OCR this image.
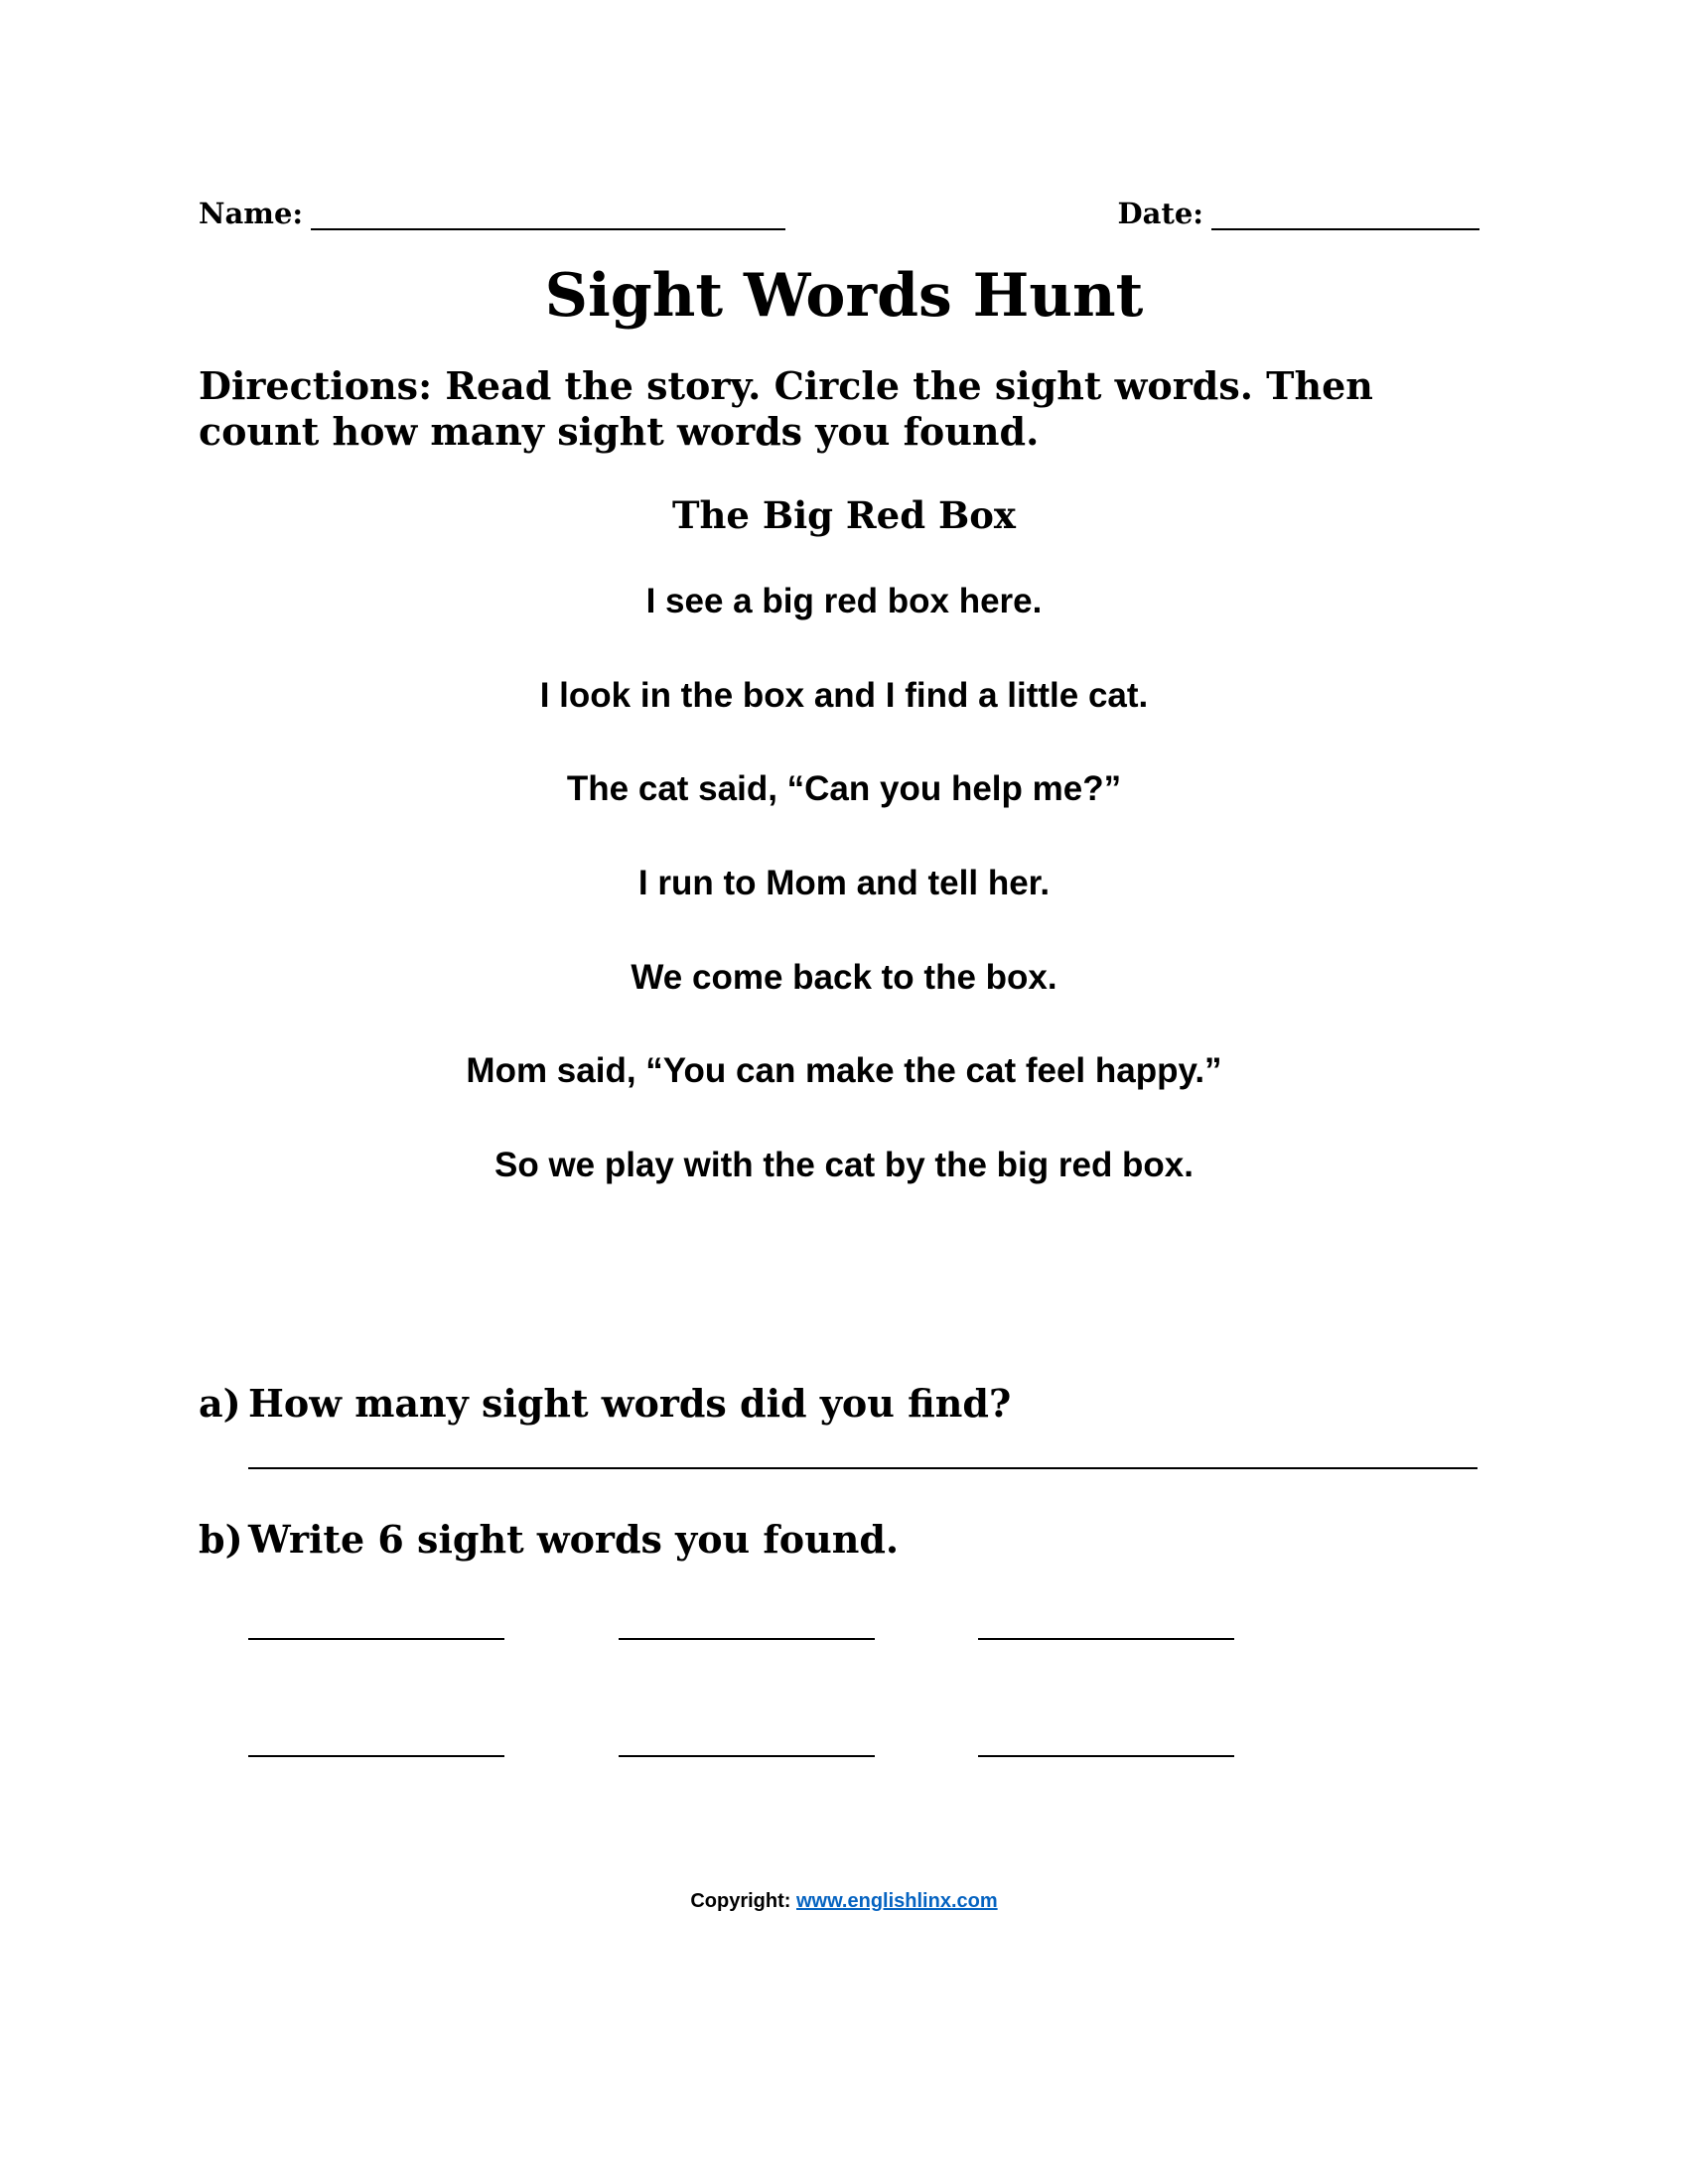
Name:	Date:
Sight Words Hunt
Directions: Read the story. Circle the sight words. Then count how many sight words you found.
The Big Red Box
I see a big red box here.
I look in the box and I find a little cat.
The cat said, “Can you help me?”
I run to Mom and tell her.
We come back to the box.
Mom said, “You can make the cat feel happy.”
So we play with the cat by the big red box.
a) How many sight words did you find?
b) Write 6 sight words you found.
Copyright: www.englishlinx.com
